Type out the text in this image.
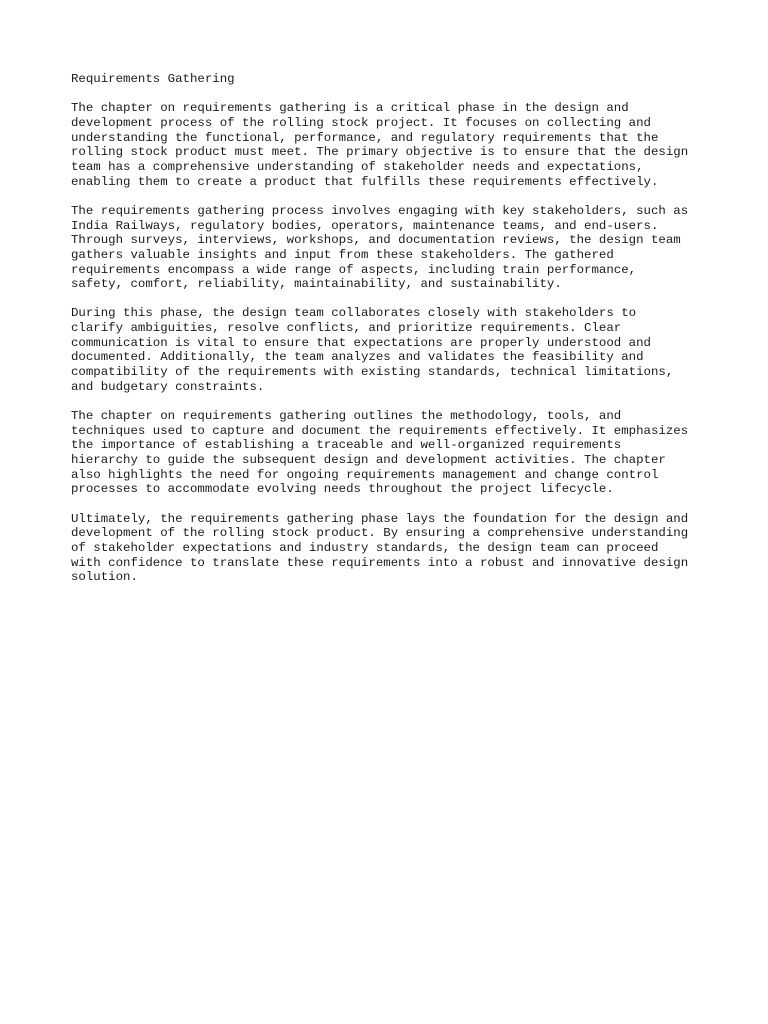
Requirements Gathering
The chapter on requirements gathering is a critical phase in the design and
development process of the rolling stock project. It focuses on collecting and
understanding the functional, performance, and regulatory requirements that the
rolling stock product must meet. The primary objective is to ensure that the design
team has a comprehensive understanding of stakeholder needs and expectations,
enabling them to create a product that fulfills these requirements effectively.
The requirements gathering process involves engaging with key stakeholders, such as
India Railways, regulatory bodies, operators, maintenance teams, and end-users.
Through surveys, interviews, workshops, and documentation reviews, the design team
gathers valuable insights and input from these stakeholders. The gathered
requirements encompass a wide range of aspects, including train performance,
safety, comfort, reliability, maintainability, and sustainability.
During this phase, the design team collaborates closely with stakeholders to
clarify ambiguities, resolve conflicts, and prioritize requirements. Clear
communication is vital to ensure that expectations are properly understood and
documented. Additionally, the team analyzes and validates the feasibility and
compatibility of the requirements with existing standards, technical limitations,
and budgetary constraints.
The chapter on requirements gathering outlines the methodology, tools, and
techniques used to capture and document the requirements effectively. It emphasizes
the importance of establishing a traceable and well-organized requirements
hierarchy to guide the subsequent design and development activities. The chapter
also highlights the need for ongoing requirements management and change control
processes to accommodate evolving needs throughout the project lifecycle.
Ultimately, the requirements gathering phase lays the foundation for the design and
development of the rolling stock product. By ensuring a comprehensive understanding
of stakeholder expectations and industry standards, the design team can proceed
with confidence to translate these requirements into a robust and innovative design
solution.
